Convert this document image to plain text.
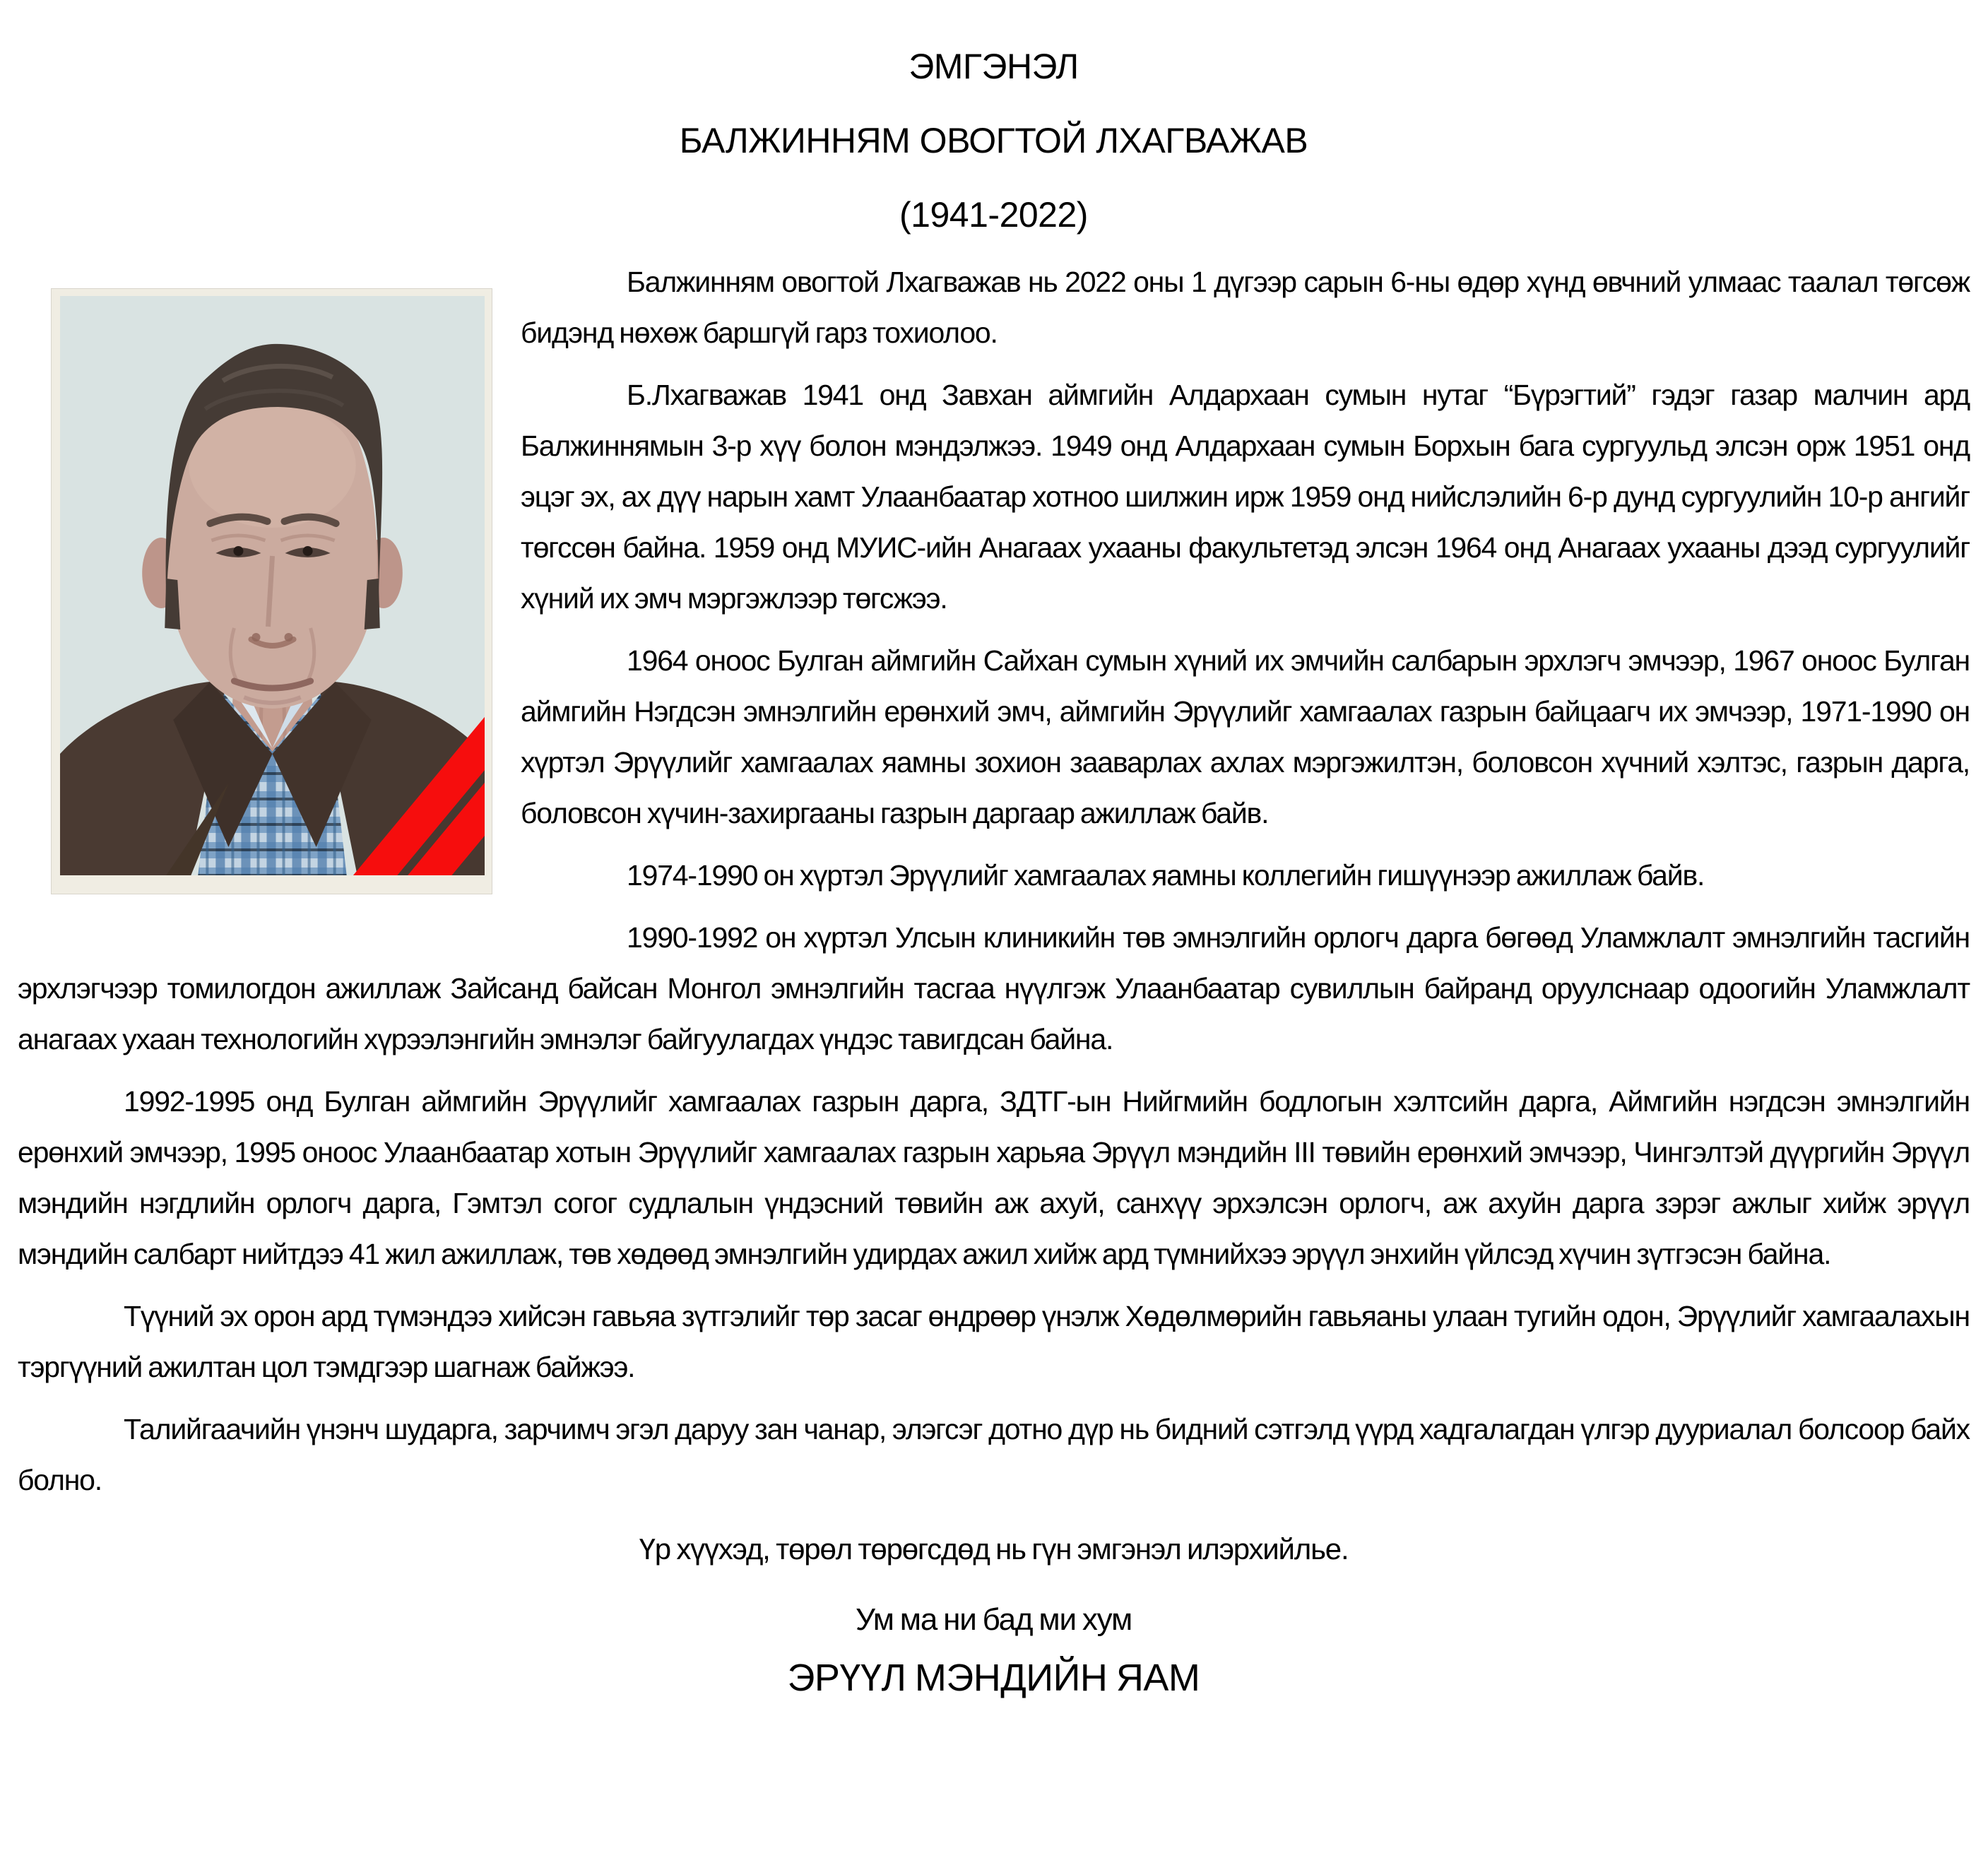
ЭМГЭНЭЛ
БАЛЖИННЯМ ОВОГТОЙ ЛХАГВАЖАВ
(1941-2022)

Балжинням овогтой Лхагважав нь 2022 оны 1 дүгээр сарын 6-ны өдөр хүнд өвчний улмаас таалал төгсөж бидэнд нөхөж баршгүй гарз тохиолоо.

Б.Лхагважав 1941 онд Завхан аймгийн Алдархаан сумын нутаг “Бүрэгтий” гэдэг газар малчин ард Балжиннямын 3-р хүү болон мэндэлжээ. 1949 онд Алдархаан сумын Борхын бага сургуульд элсэн орж 1951 онд эцэг эх, ах дүү нарын хамт Улаанбаатар хотноо шилжин ирж 1959 онд нийслэлийн 6-р дунд сургуулийн 10-р ангийг төгссөн байна. 1959 онд МУИС-ийн Анагаах ухааны факультетэд элсэн 1964 онд Анагаах ухааны дээд сургуулийг хүний их эмч мэргэжлээр төгсжээ.

1964 оноос Булган аймгийн Сайхан сумын хүний их эмчийн салбарын эрхлэгч эмчээр, 1967 оноос Булган аймгийн Нэгдсэн эмнэлгийн ерөнхий эмч, аймгийн Эрүүлийг хамгаалах газрын байцаагч их эмчээр, 1971-1990 он хүртэл Эрүүлийг хамгаалах яамны зохион зааварлах ахлах мэргэжилтэн, боловсон хүчний хэлтэс, газрын дарга, боловсон хүчин-захиргааны газрын даргаар ажиллаж байв.

1974-1990 он хүртэл Эрүүлийг хамгаалах яамны коллегийн гишүүнээр ажиллаж байв.

1990-1992 он хүртэл Улсын клиникийн төв эмнэлгийн орлогч дарга бөгөөд Уламжлалт эмнэлгийн тасгийн эрхлэгчээр томилогдон ажиллаж Зайсанд байсан Монгол эмнэлгийн тасгаа нүүлгэж Улаанбаатар сувиллын байранд оруулснаар одоогийн Уламжлалт анагаах ухаан технологийн хүрээлэнгийн эмнэлэг байгуулагдах үндэс тавигдсан байна.

1992-1995 онд Булган аймгийн Эрүүлийг хамгаалах газрын дарга, ЗДТГ-ын Нийгмийн бодлогын хэлтсийн дарга, Аймгийн нэгдсэн эмнэлгийн ерөнхий эмчээр, 1995 оноос Улаанбаатар хотын Эрүүлийг хамгаалах газрын харьяа Эрүүл мэндийн III төвийн ерөнхий эмчээр, Чингэлтэй дүүргийн Эрүүл мэндийн нэгдлийн орлогч дарга, Гэмтэл согог судлалын үндэсний төвийн аж ахуй, санхүү эрхэлсэн орлогч, аж ахуйн дарга зэрэг ажлыг хийж эрүүл мэндийн салбарт нийтдээ 41 жил ажиллаж, төв хөдөөд эмнэлгийн удирдах ажил хийж ард түмнийхээ эрүүл энхийн үйлсэд хүчин зүтгэсэн байна.

Түүний эх орон ард түмэндээ хийсэн гавьяа зүтгэлийг төр засаг өндрөөр үнэлж Хөдөлмөрийн гавьяаны улаан тугийн одон, Эрүүлийг хамгаалахын тэргүүний ажилтан цол тэмдгээр шагнаж байжээ.

Талийгаачийн үнэнч шударга, зарчимч эгэл даруу зан чанар, элэгсэг дотно дүр нь бидний сэтгэлд үүрд хадгалагдан үлгэр дууриалал болсоор байх болно.

Үр хүүхэд, төрөл төрөгсдөд нь гүн эмгэнэл илэрхийлье.

Ум ма ни бад ми хум

ЭРҮҮЛ МЭНДИЙН ЯАМ
